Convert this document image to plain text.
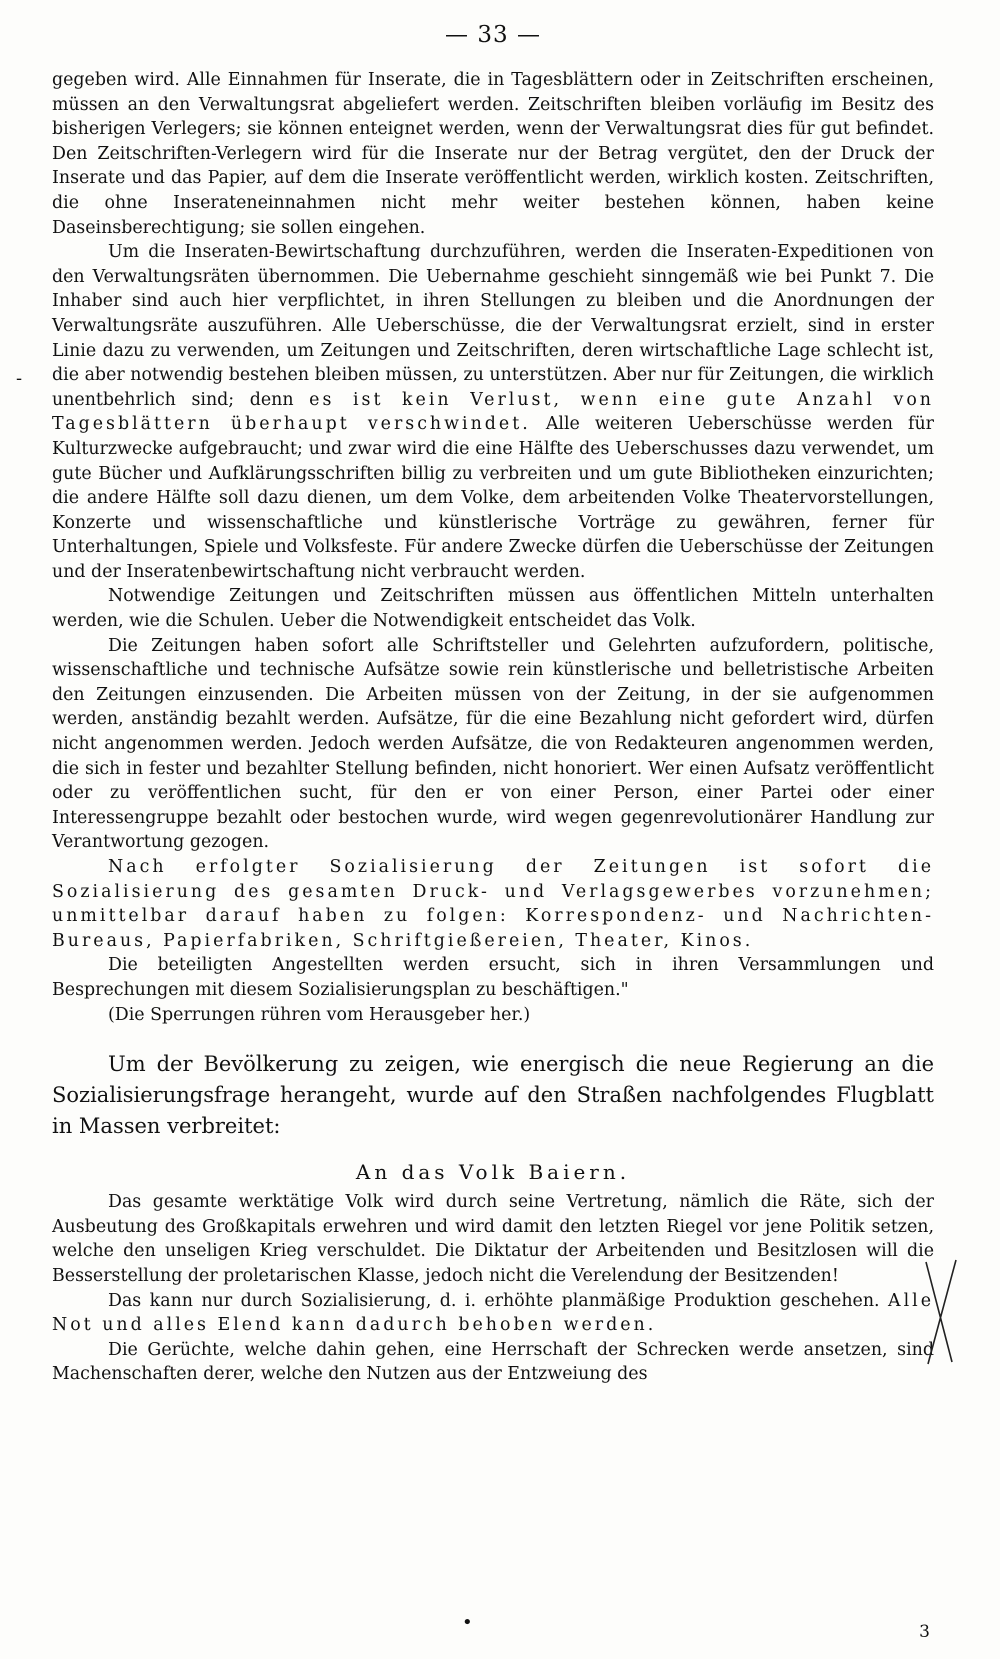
— 33 —

gegeben wird. Alle Einnahmen für Inserate, die in Tagesblättern oder in Zeitschriften erscheinen, müssen an den Verwaltungsrat abgeliefert werden. Zeitschriften bleiben vorläufig im Besitz des bisherigen Verlegers; sie können enteignet werden, wenn der Verwaltungsrat dies für gut befindet. Den Zeitschriften-Verlegern wird für die Inserate nur der Betrag vergütet, den der Druck der Inserate und das Papier, auf dem die Inserate veröffentlicht werden, wirklich kosten. Zeitschriften, die ohne Inserateneinnahmen nicht mehr weiter bestehen können, haben keine Daseinsberechtigung; sie sollen eingehen.

Um die Inseraten-Bewirtschaftung durchzuführen, werden die Inseraten-Expeditionen von den Verwaltungsräten übernommen. Die Uebernahme geschieht sinngemäß wie bei Punkt 7. Die Inhaber sind auch hier verpflichtet, in ihren Stellungen zu bleiben und die Anordnungen der Verwaltungsräte auszuführen. Alle Ueberschüsse, die der Verwaltungsrat erzielt, sind in erster Linie dazu zu verwenden, um Zeitungen und Zeitschriften, deren wirtschaftliche Lage schlecht ist, die aber notwendig bestehen bleiben müssen, zu unterstützen. Aber nur für Zeitungen, die wirklich unentbehrlich sind; denn es ist kein Verlust, wenn eine gute Anzahl von Tagesblättern überhaupt verschwindet. Alle weiteren Ueberschüsse werden für Kulturzwecke aufgebraucht; und zwar wird die eine Hälfte des Ueberschusses dazu verwendet, um gute Bücher und Aufklärungsschriften billig zu verbreiten und um gute Bibliotheken einzurichten; die andere Hälfte soll dazu dienen, um dem Volke, dem arbeitenden Volke Theatervorstellungen, Konzerte und wissenschaftliche und künstlerische Vorträge zu gewähren, ferner für Unterhaltungen, Spiele und Volksfeste. Für andere Zwecke dürfen die Ueberschüsse der Zeitungen und der Inseratenbewirtschaftung nicht verbraucht werden.

Notwendige Zeitungen und Zeitschriften müssen aus öffentlichen Mitteln unterhalten werden, wie die Schulen. Ueber die Notwendigkeit entscheidet das Volk.

Die Zeitungen haben sofort alle Schriftsteller und Gelehrten aufzufordern, politische, wissenschaftliche und technische Aufsätze sowie rein künstlerische und belletristische Arbeiten den Zeitungen einzusenden. Die Arbeiten müssen von der Zeitung, in der sie aufgenommen werden, anständig bezahlt werden. Aufsätze, für die eine Bezahlung nicht gefordert wird, dürfen nicht angenommen werden. Jedoch werden Aufsätze, die von Redakteuren angenommen werden, die sich in fester und bezahlter Stellung befinden, nicht honoriert. Wer einen Aufsatz veröffentlicht oder zu veröffentlichen sucht, für den er von einer Person, einer Partei oder einer Interessengruppe bezahlt oder bestochen wurde, wird wegen gegenrevolutionärer Handlung zur Verantwortung gezogen.

Nach erfolgter Sozialisierung der Zeitungen ist sofort die Sozialisierung des gesamten Druck- und Verlagsgewerbes vorzunehmen; unmittelbar darauf haben zu folgen: Korrespondenz- und Nachrichten-Bureaus, Papierfabriken, Schriftgießereien, Theater, Kinos.

Die beteiligten Angestellten werden ersucht, sich in ihren Versammlungen und Besprechungen mit diesem Sozialisierungsplan zu beschäftigen."

(Die Sperrungen rühren vom Herausgeber her.)

Um der Bevölkerung zu zeigen, wie energisch die neue Regierung an die Sozialisierungsfrage herangeht, wurde auf den Straßen nachfolgendes Flugblatt in Massen verbreitet:

An das Volk Baiern.

Das gesamte werktätige Volk wird durch seine Vertretung, nämlich die Räte, sich der Ausbeutung des Großkapitals erwehren und wird damit den letzten Riegel vor jene Politik setzen, welche den unseligen Krieg verschuldet. Die Diktatur der Arbeitenden und Besitzlosen will die Besserstellung der proletarischen Klasse, jedoch nicht die Verelendung der Besitzenden!

Das kann nur durch Sozialisierung, d. i. erhöhte planmäßige Produktion geschehen. Alle Not und alles Elend kann dadurch behoben werden.

Die Gerüchte, welche dahin gehen, eine Herrschaft der Schrecken werde ansetzen, sind Machenschaften derer, welche den Nutzen aus der Entzweiung des

-
•	3
